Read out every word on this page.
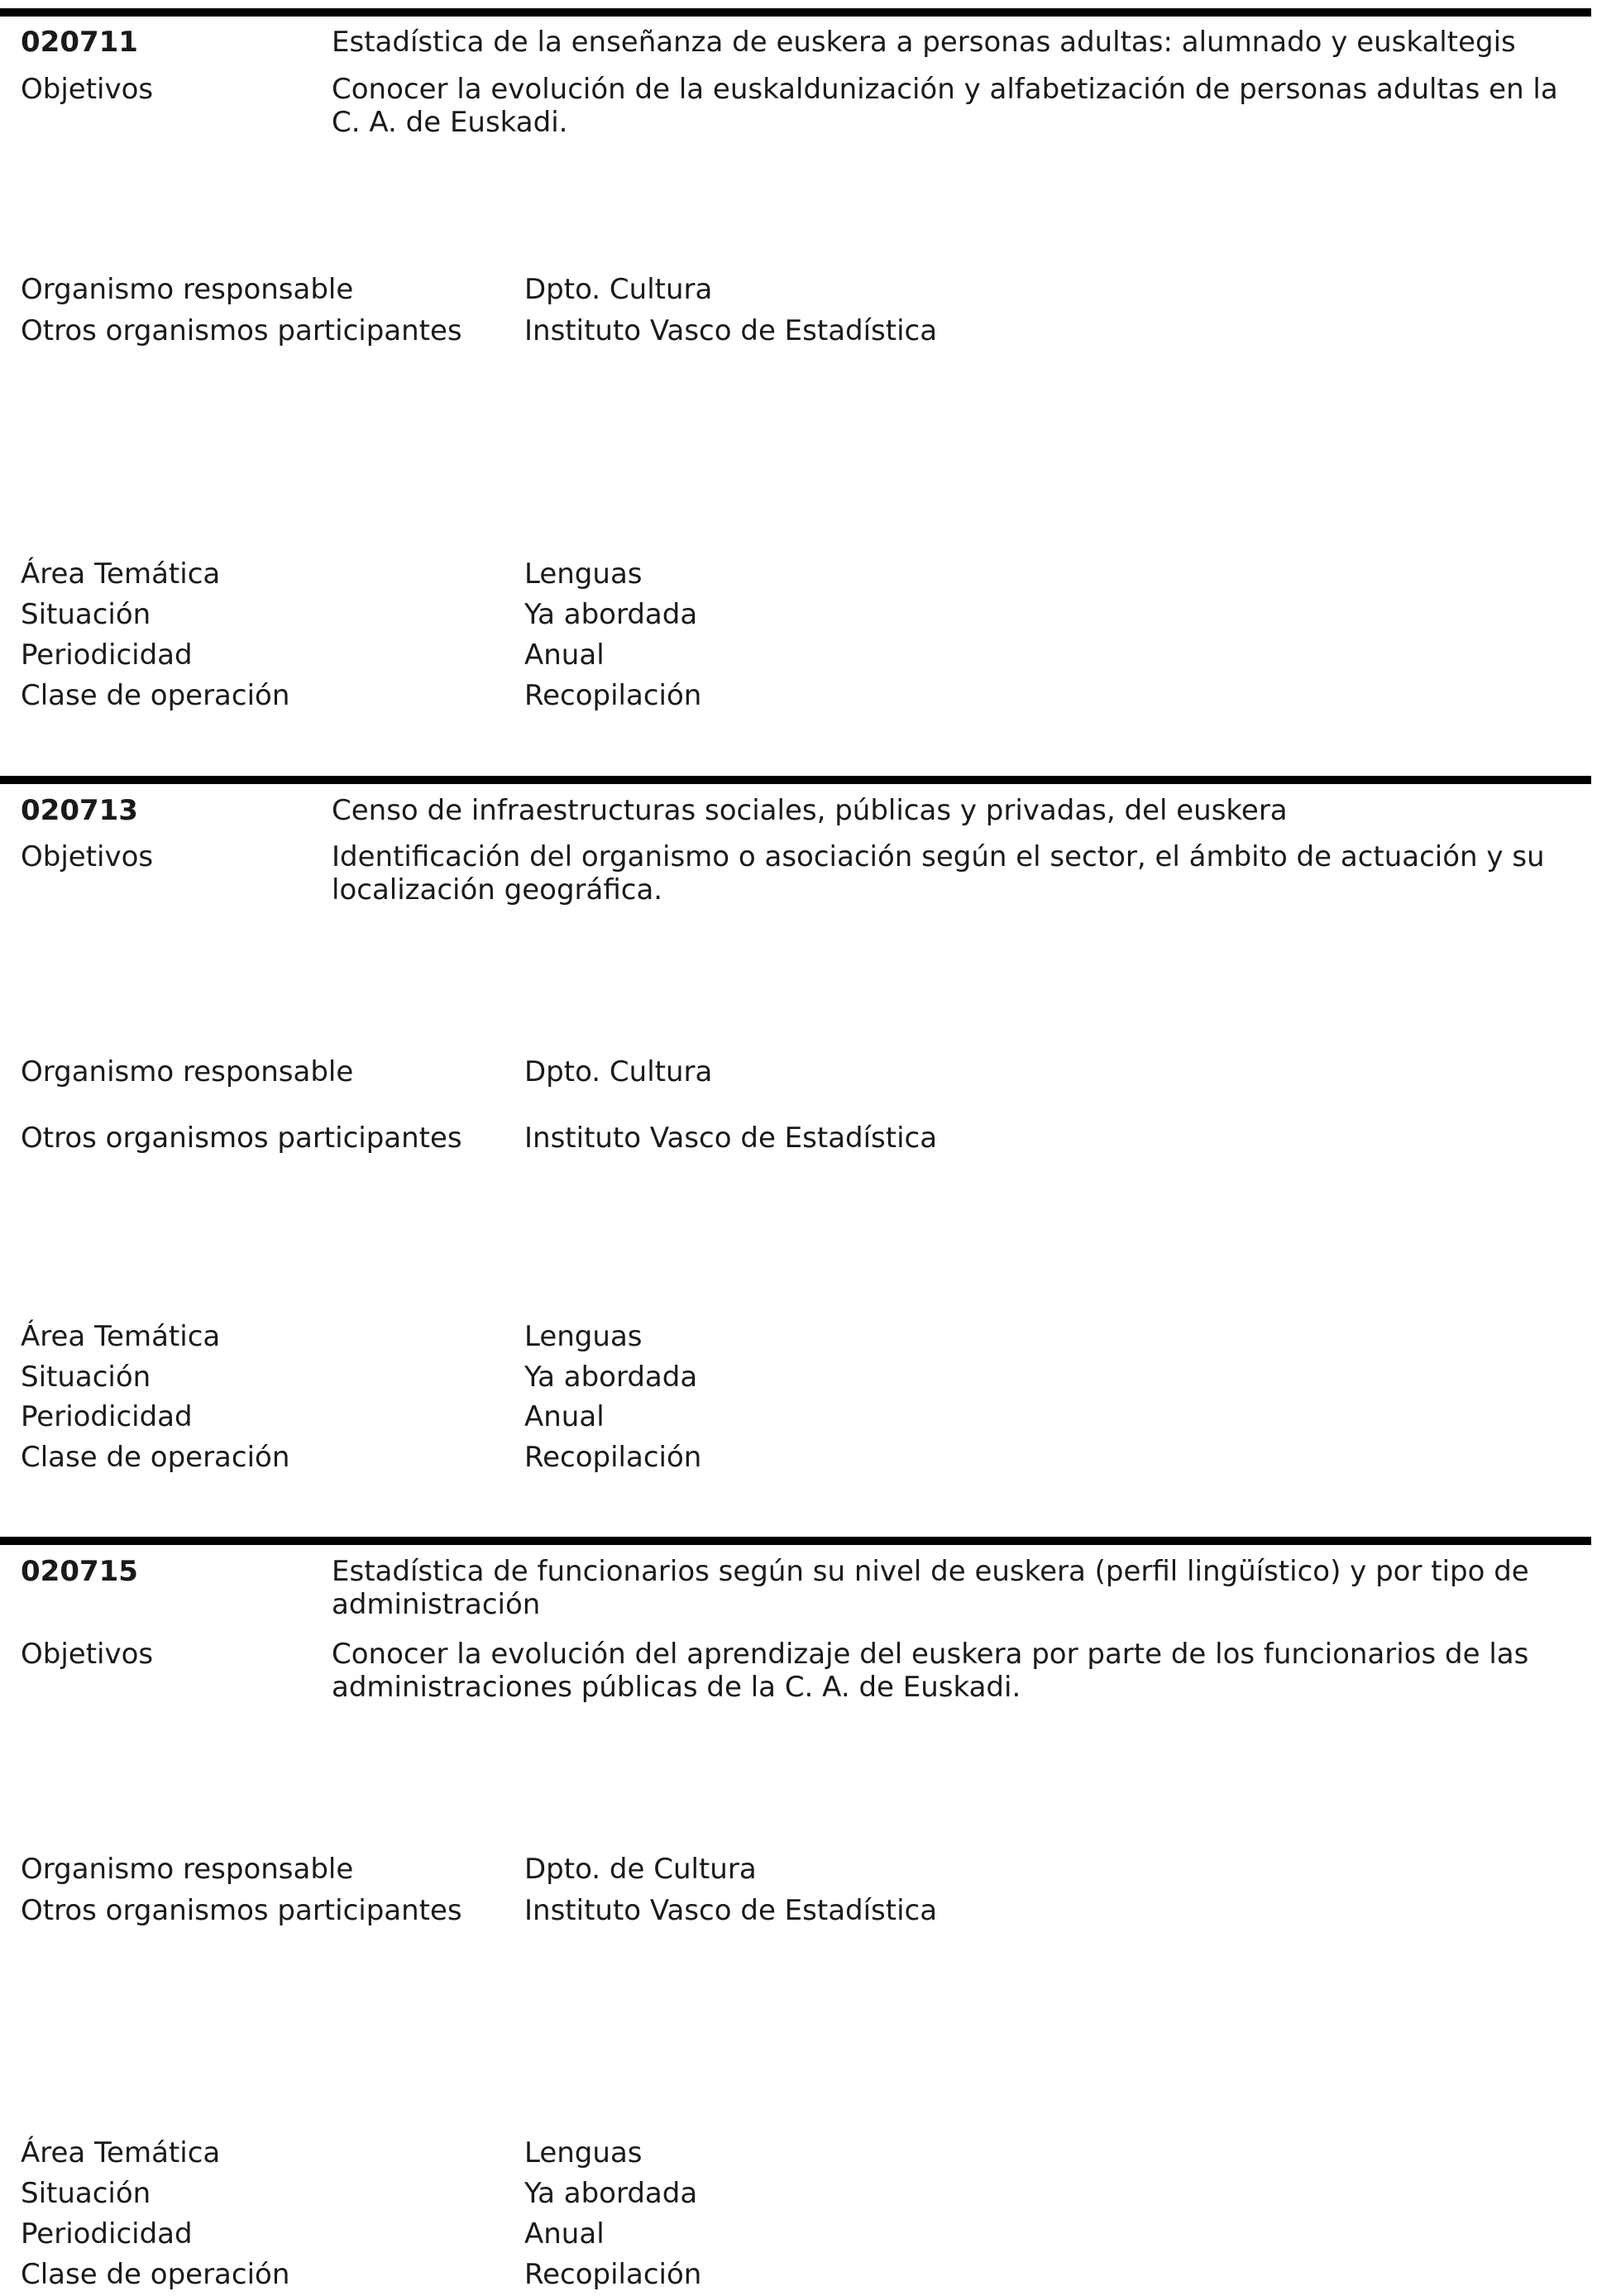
020711	Estadística de la enseñanza de euskera a personas adultas: alumnado y euskaltegis
Objetivos	Conocer la evolución de la euskaldunización y alfabetización de personas adultas en la C. A. de Euskadi.
Organismo responsable	Dpto. Cultura
Otros organismos participantes Instituto Vasco de Estadística
Área Temática	Lenguas
Situación	Ya abordada
Periodicidad	Anual
Clase de operación	Recopilación
020713	Censo de infraestructuras sociales, públicas y privadas, del euskera
Objetivos	Identificación del organismo o asociación según el sector, el ámbito de actuación y su localización geográfica.
Organismo responsable	Dpto. Cultura
Otros organismos participantes Instituto Vasco de Estadística
Área Temática	Lenguas
Situación	Ya abordada
Periodicidad	Anual
Clase de operación	Recopilación
020715	Estadística de funcionarios según su nivel de euskera (perfil lingüístico) y por tipo de administración
Objetivos	Conocer la evolución del aprendizaje del euskera por parte de los funcionarios de las administraciones públicas de la C. A. de Euskadi.
Organismo responsable	Dpto. de Cultura
Otros organismos participantes Instituto Vasco de Estadística
Área Temática	Lenguas
Situación	Ya abordada
Periodicidad	Anual
Clase de operación	Recopilación
